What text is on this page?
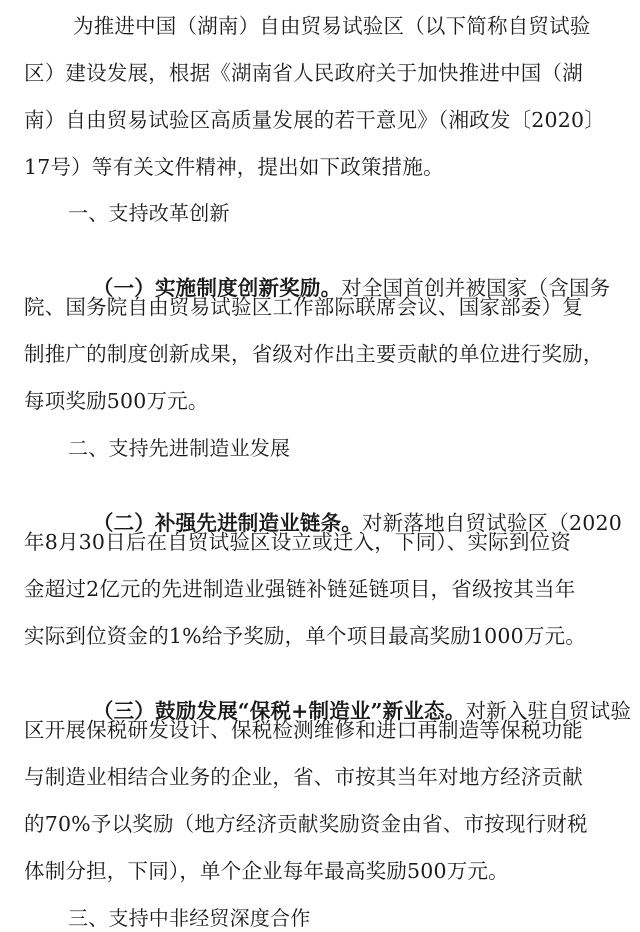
为推进中国（湖南）自由贸易试验区（以下简称自贸试验
区）建设发展，根据《湖南省人民政府关于加快推进中国（湖
南）自由贸易试验区高质量发展的若干意见》（湘政发〔2020〕
17号）等有关文件精神，提出如下政策措施。
一、支持改革创新

（一）实施制度创新奖励。对全国首创并被国家（含国务

院、国务院自由贸易试验区工作部际联席会议、国家部委）复
制推广的制度创新成果，省级对作出主要贡献的单位进行奖励，
每项奖励500万元。
二、支持先进制造业发展

（二）补强先进制造业链条。对新落地自贸试验区（2020

年8月30日后在自贸试验区设立或迁入，下同）、实际到位资
金超过2亿元的先进制造业强链补链延链项目，省级按其当年
实际到位资金的1%给予奖励，单个项目最高奖励1000万元。

（三）鼓励发展“保税+制造业”新业态。对新入驻自贸试验

区开展保税研发设计、保税检测维修和进口再制造等保税功能
与制造业相结合业务的企业，省、市按其当年对地方经济贡献
的70%予以奖励（地方经济贡献奖励资金由省、市按现行财税
体制分担，下同），单个企业每年最高奖励500万元。
三、支持中非经贸深度合作
